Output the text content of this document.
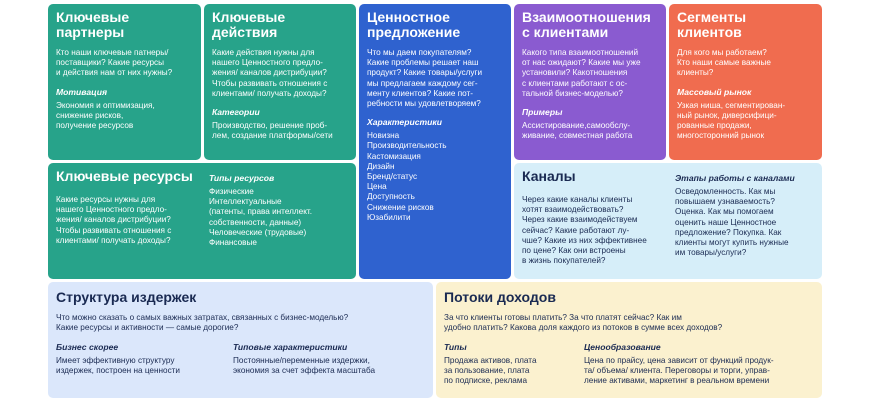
Ключевые
партнеры
Кто наши ключевые патнеры/
поставщики? Какие ресурсы
и действия нам от них нужны?
Мотивация
Экономия и оптимизация,
снижение рисков,
получение ресурсов
Ключевые
действия
Какие действия нужны для
нашего Ценностного предло-
жения/ каналов дистрибуции?
Чтобы развивать отношения с
клиентами/ получать доходы?
Категории
Производство, решение проб-
лем, создание платформы/сети
Ценностное
предложение
Что мы даем покупателям?
Какие проблемы решает наш
продукт? Какие товары/услуги
мы предлагаем каждому сег-
менту клиентов? Какие пот-
ребности мы удовлетворяем?
Характеристики
Новизна
Производительность
Кастомизация
Дизайн
Бренд/статус
Цена
Доступность
Снижение рисков
Юзабилити
Взаимоотношения
с клиентами
Какого типа взаимоотношений
от нас ожидают? Какие мы уже
установили? Какотношения
с клиентами работают с ос-
тальной бизнес-моделью?
Примеры
Ассистирование,самообслу-
живание, совместная работа
Сегменты
клиентов
Для кого мы работаем?
Кто наши самые важные
клиенты?
Массовый рынок
Узкая ниша, сегментирован-
ный рынок, диверсифици-
рованные продажи,
многосторонний рынок
Ключевые ресурсы
Какие ресурсы нужны для
нашего Ценностного предло-
жения/ каналов дистрибуции?
Чтобы развивать отношения с
клиентами/ получать доходы?
Типы ресурсов
Физические
Интеллектуальные
(патенты, права интеллект.
собственности, данные)
Человеческие (трудовые)
Финансовые
Каналы
Через какие каналы клиенты
хотят взаимодействовать?
Через какие взаимодействуем
сейчас? Какие работают лу-
чше? Какие из них эффективнее
по цене? Как они встроены
в жизнь покупателей?
Этапы работы с каналами
Осведомленность. Как мы
повышаем узнаваемость?
Оценка. Как мы помогаем
оценить наше Ценностное
предложение? Покупка. Как
клиенты могут купить нужные
им товары/услуги?
Структура издержек
Что можно сказать о самых важных затратах, связанных с бизнес-моделью?
Какие ресурсы и активности — самые дорогие?
Бизнес скорее
Имеет эффективную структуру
издержек, построен на ценности
Типовые характеристики
Постоянные/переменные издержки,
экономия за счет эффекта масштаба
Потоки доходов
За что клиенты готовы платить? За что платят сейчас? Как им
удобно платить? Какова доля каждого из потоков в сумме всех доходов?
Типы
Продажа активов, плата
за пользование, плата
по подписке, реклама
Ценообразование
Цена по прайсу, цена зависит от функций продук-
та/ объема/ клиента. Переговоры и торги, управ-
ление активами, маркетинг в реальном времени
